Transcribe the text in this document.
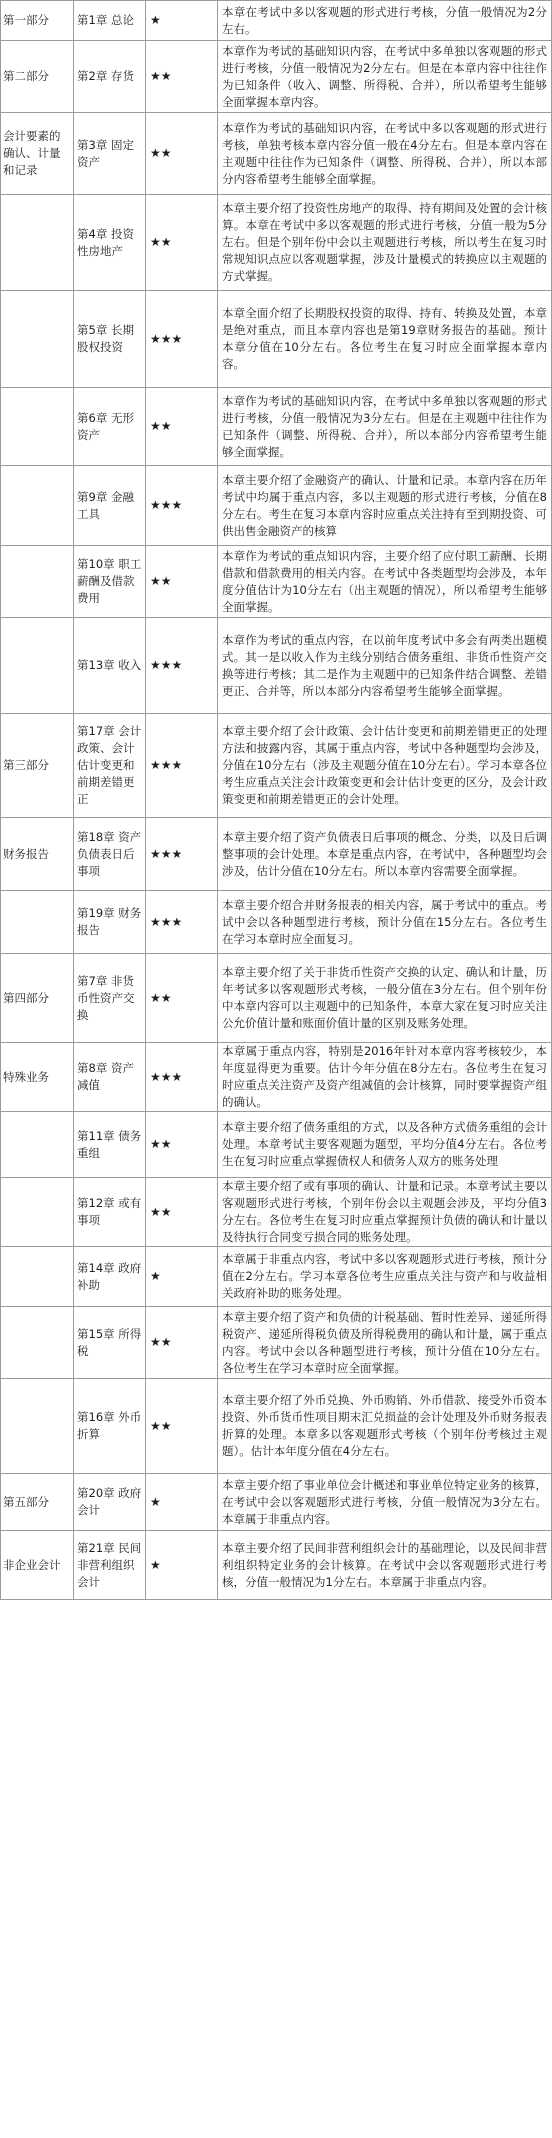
第一部分	第1章 总论	★	本章在考试中多以客观题的形式进行考核，分值一般情况为2分左右。
第二部分	第2章 存货	★★	本章作为考试的基础知识内容，在考试中多单独以客观题的形式进行考核，分值一般情况为2分左右。但是在本章内容中往往作为已知条件（收入、调整、所得税、合并），所以希望考生能够全面掌握本章内容。
会计要素的确认、计量和记录	第3章 固定资产	★★	本章作为考试的基础知识内容，在考试中多以客观题的形式进行考核，单独考核本章内容分值一般在4分左右。但是本章内容在主观题中往往作为已知条件（调整、所得税、合并），所以本部分内容希望考生能够全面掌握。
	第4章 投资性房地产	★★	本章主要介绍了投资性房地产的取得、持有期间及处置的会计核算。本章在考试中多以客观题的形式进行考核，分值一般为5分左右。但是个别年份中会以主观题进行考核，所以考生在复习时常规知识点应以客观题掌握，涉及计量模式的转换应以主观题的方式掌握。
	第5章 长期股权投资	★★★	本章全面介绍了长期股权投资的取得、持有、转换及处置，本章是绝对重点，而且本章内容也是第19章财务报告的基础。预计本章分值在10分左右。各位考生在复习时应全面掌握本章内容。
	第6章 无形资产	★★	本章作为考试的基础知识内容，在考试中多单独以客观题的形式进行考核，分值一般情况为3分左右。但是在主观题中往往作为已知条件（调整、所得税、合并），所以本部分内容希望考生能够全面掌握。
	第9章 金融工具	★★★	本章主要介绍了金融资产的确认、计量和记录。本章内容在历年考试中均属于重点内容，多以主观题的形式进行考核，分值在8分左右。考生在复习本章内容时应重点关注持有至到期投资、可供出售金融资产的核算
	第10章 职工薪酬及借款费用	★★	本章作为考试的重点知识内容，主要介绍了应付职工薪酬、长期借款和借款费用的相关内容。在考试中各类题型均会涉及，本年度分值估计为10分左右（出主观题的情况），所以希望考生能够全面掌握。
	第13章 收入	★★★	本章作为考试的重点内容，在以前年度考试中多会有两类出题模式。其一是以收入作为主线分别结合债务重组、非货币性资产交换等进行考核；其二是作为主观题中的已知条件结合调整、差错更正、合并等，所以本部分内容希望考生能够全面掌握。
第三部分	第17章 会计政策、会计估计变更和前期差错更正	★★★	本章主要介绍了会计政策、会计估计变更和前期差错更正的处理方法和披露内容，其属于重点内容，考试中各种题型均会涉及，分值在10分左右（涉及主观题分值在10分左右）。学习本章各位考生应重点关注会计政策变更和会计估计变更的区分，及会计政策变更和前期差错更正的会计处理。
财务报告	第18章 资产负债表日后事项	★★★	本章主要介绍了资产负债表日后事项的概念、分类，以及日后调整事项的会计处理。本章是重点内容，在考试中，各种题型均会涉及，估计分值在10分左右。所以本章内容需要全面掌握。
	第19章 财务报告	★★★	本章主要介绍合并财务报表的相关内容，属于考试中的重点。考试中会以各种题型进行考核，预计分值在15分左右。各位考生在学习本章时应全面复习。
第四部分	第7章 非货币性资产交换	★★	本章主要介绍了关于非货币性资产交换的认定、确认和计量，历年考试多以客观题形式考核，一般分值在3分左右。但个别年份中本章内容可以主观题中的已知条件，本章大家在复习时应关注公允价值计量和账面价值计量的区别及账务处理。
特殊业务	第8章 资产减值	★★★	本章属于重点内容，特别是2016年针对本章内容考核较少，本年度显得更为重要。估计今年分值在8分左右。各位考生在复习时应重点关注资产及资产组减值的会计核算，同时要掌握资产组的确认。
	第11章 债务重组	★★	本章主要介绍了债务重组的方式，以及各种方式债务重组的会计处理。本章考试主要客观题为题型，平均分值4分左右。各位考生在复习时应重点掌握债权人和债务人双方的账务处理
	第12章 或有事项	★★	本章主要介绍了或有事项的确认、计量和记录。本章考试主要以客观题形式进行考核，个别年份会以主观题会涉及，平均分值3分左右。各位考生在复习时应重点掌握预计负债的确认和计量以及待执行合同变亏损合同的账务处理。
	第14章 政府补助	★	本章属于非重点内容，考试中多以客观题形式进行考核，预计分值在2分左右。学习本章各位考生应重点关注与资产和与收益相关政府补助的账务处理。
	第15章 所得税	★★	本章主要介绍了资产和负债的计税基础、暂时性差异、递延所得税资产、递延所得税负债及所得税费用的确认和计量，属于重点内容。考试中会以各种题型进行考核，预计分值在10分左右。各位考生在学习本章时应全面掌握。
	第16章 外币折算	★★	本章主要介绍了外币兑换、外币购销、外币借款、接受外币资本投资、外币货币性项目期末汇兑损益的会计处理及外币财务报表折算的处理。本章多以客观题形式考核（个别年份考核过主观题）。估计本年度分值在4分左右。
第五部分	第20章 政府会计	★	本章主要介绍了事业单位会计概述和事业单位特定业务的核算，在考试中会以客观题形式进行考核，分值一般情况为3分左右。本章属于非重点内容。
非企业会计	第21章 民间非营利组织会计	★	本章主要介绍了民间非营利组织会计的基础理论，以及民间非营利组织特定业务的会计核算。在考试中会以客观题形式进行考核，分值一般情况为1分左右。本章属于非重点内容。
